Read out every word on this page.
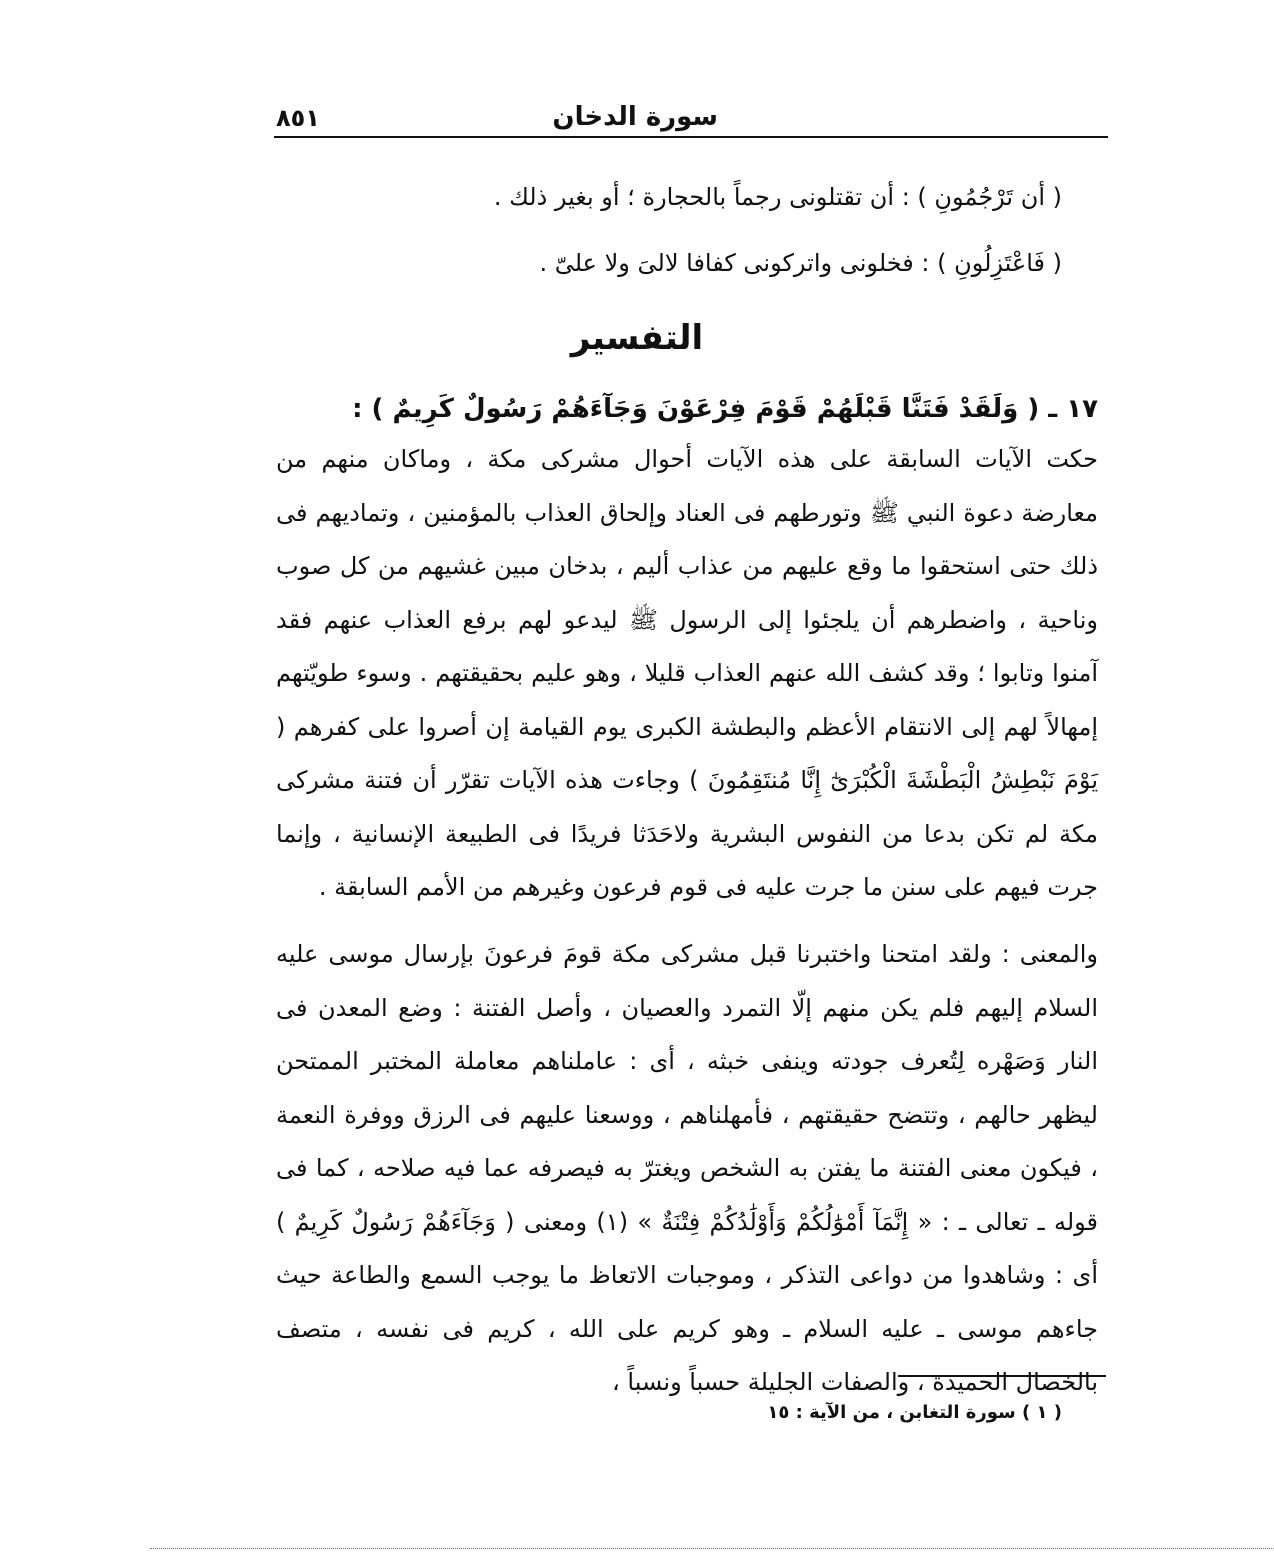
سورة الدخان
٨٥١
( أن تَرْجُمُونِ ) : أن تقتلونى رجماً بالحجارة ؛ أو بغير ذلك .
( فَاعْتَزِلُونِ ) : فخلونى واتركونى كفافا لالىَ ولا علىّ .
التفسير
١٧ ـ ( وَلَقَدْ فَتَنَّا قَبْلَهُمْ قَوْمَ فِرْعَوْنَ وَجَآءَهُمْ رَسُولٌ كَرِيمٌ ) :

حكت الآيات السابقة على هذه الآيات أحوال مشركى مكة ، وماكان منهم من معارضة دعوة النبي ﷺ وتورطهم فى العناد وإلحاق العذاب بالمؤمنين ، وتماديهم فى ذلك حتى استحقوا ما وقع عليهم من عذاب أليم ، بدخان مبين غشيهم من كل صوب وناحية ، واضطرهم أن يلجئوا إلى الرسول ﷺ ليدعو لهم برفع العذاب عنهم فقد آمنوا وتابوا ؛ وقد كشف الله عنهم العذاب قليلا ، وهو عليم بحقيقتهم . وسوء طويّتهم إمهالاً لهم إلى الانتقام الأعظم والبطشة الكبرى يوم القيامة إن أصروا على كفرهم ( يَوْمَ نَبْطِشُ الْبَطْشَةَ الْكُبْرَىٰٓ إِنَّا مُنتَقِمُونَ ) وجاءت هذه الآيات تقرّر أن فتنة مشركى مكة لم تكن بدعا من النفوس البشرية ولاحَدَثا فريدًا فى الطبيعة الإنسانية ، وإنما جرت فيهم على سنن ما جرت عليه فى قوم فرعون وغيرهم من الأمم السابقة .

والمعنى : ولقد امتحنا واختبرنا قبل مشركى مكة قومَ فرعونَ بإرسال موسى عليه السلام إليهم فلم يكن منهم إلّا التمرد والعصيان ، وأصل الفتنة : وضع المعدن فى النار وَصَهْره لِتُعرف جودته وينفى خبثه ، أى : عاملناهم معاملة المختبر الممتحن ليظهر حالهم ، وتتضح حقيقتهم ، فأمهلناهم ، ووسعنا عليهم فى الرزق ووفرة النعمة ، فيكون معنى الفتنة ما يفتن به الشخص ويغترّ به فيصرفه عما فيه صلاحه ، كما فى قوله ـ تعالى ـ : « إِنَّمَآ أَمْوَٰلُكُمْ وَأَوْلَٰدُكُمْ فِتْنَةٌ » (١) ومعنى ( وَجَآءَهُمْ رَسُولٌ كَرِيمٌ ) أى : وشاهدوا من دواعى التذكر ، وموجبات الاتعاظ ما يوجب السمع والطاعة حيث جاءهم موسى ـ عليه السلام ـ وهو كريم على الله ، كريم فى نفسه ، متصف بالخصال الحميدة ، والصفات الجليلة حسباً ونسباً ،

( ١ ) سورة التغابن ، من الآية : ١٥
